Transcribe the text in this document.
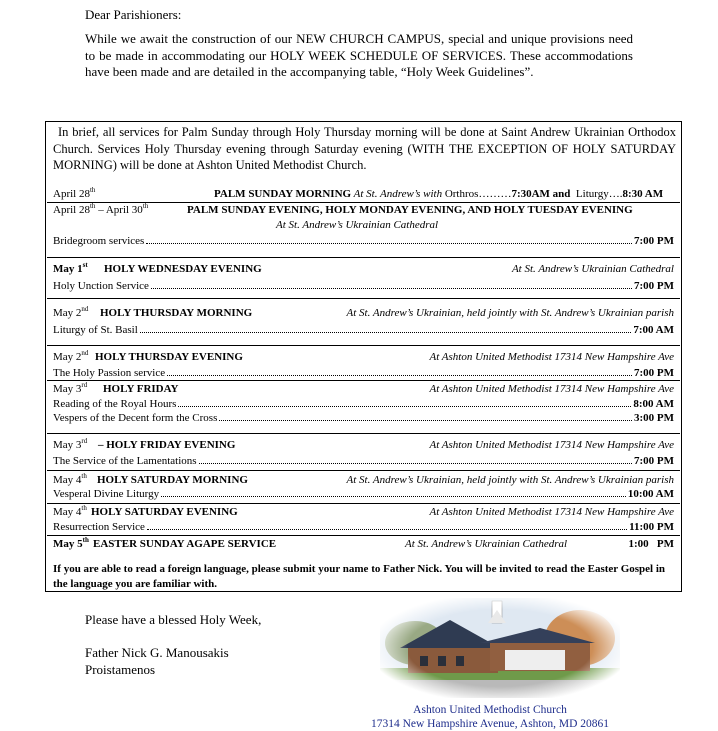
Dear Parishioners:
While we await the construction of our NEW CHURCH CAMPUS, special and unique provisions need to be made in accommodating our HOLY WEEK SCHEDULE OF SERVICES. These accommodations have been made and are detailed in the accompanying table, “Holy Week Guidelines”.
In brief, all services for Palm Sunday through Holy Thursday morning will be done at Saint Andrew Ukrainian Orthodox Church. Services Holy Thursday evening through Saturday evening (WITH THE EXCEPTION OF HOLY SATURDAY MORNING) will be done at Ashton United Methodist Church.
April 28th	PALM SUNDAY MORNING At St. Andrew’s with Orthros………7:30AM and Liturgy….8:30 AM
April 28th – April 30th	PALM SUNDAY EVENING, HOLY MONDAY EVENING, AND HOLY TUESDAY EVENING
At St. Andrew’s Ukrainian Cathedral
Bridegroom services	7:00 PM
May 1st HOLY WEDNESDAY EVENING	At St. Andrew’s Ukrainian Cathedral
Holy Unction Service	7:00 PM
May 2nd HOLY THURSDAY MORNING	At St. Andrew’s Ukrainian, held jointly with St. Andrew’s Ukrainian parish
Liturgy of St. Basil	7:00 AM
May 2nd HOLY THURSDAY EVENING	At Ashton United Methodist 17314 New Hampshire Ave
The Holy Passion service	7:00 PM
May 3rd HOLY FRIDAY	At Ashton United Methodist 17314 New Hampshire Ave
Reading of the Royal Hours	8:00 AM
Vespers of the Decent form the Cross	3:00 PM
May 3rd – HOLY FRIDAY EVENING	At Ashton United Methodist 17314 New Hampshire Ave
The Service of the Lamentations	7:00 PM
May 4th HOLY SATURDAY MORNING	At St. Andrew’s Ukrainian, held jointly with St. Andrew’s Ukrainian parish
Vesperal Divine Liturgy	10:00 AM
May 4th HOLY SATURDAY EVENING	At Ashton United Methodist 17314 New Hampshire Ave
Resurrection Service	11:00 PM
May 5th EASTER SUNDAY AGAPE SERVICE	At St. Andrew’s Ukrainian Cathedral	1:00   PM
If you are able to read a foreign language, please submit your name to Father Nick. You will be invited to read the Easter Gospel in the language you are familiar with.
Please have a blessed Holy Week,
Father Nick G. Manousakis
Proistamenos
Ashton United Methodist Church
17314 New Hampshire Avenue, Ashton, MD 20861
